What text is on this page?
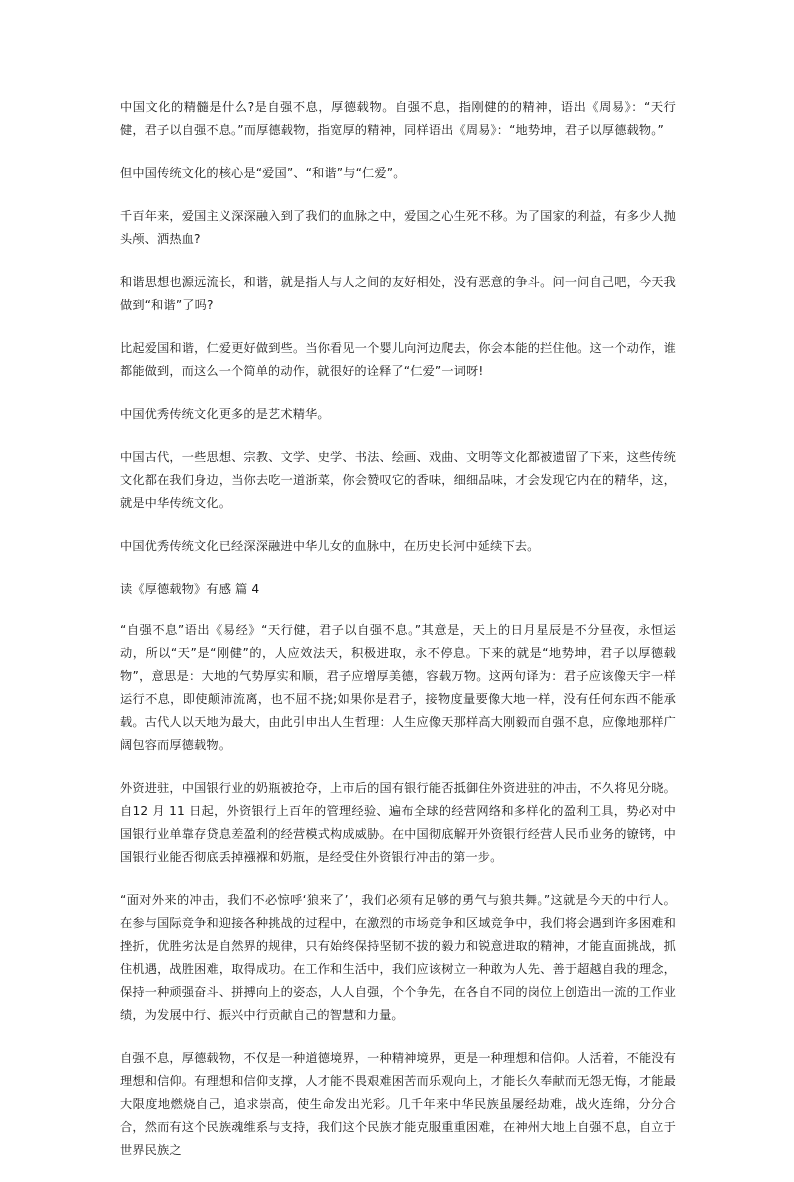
中国文化的精髓是什么?是自强不息，厚德载物。自强不息，指刚健的的精神，语出《周易》：“天行健，君子以自强不息。”而厚德载物，指宽厚的精神，同样语出《周易》：“地势坤，君子以厚德载物。”

但中国传统文化的核心是“爱国”、“和谐”与“仁爱”。

千百年来，爱国主义深深融入到了我们的血脉之中，爱国之心生死不移。为了国家的利益，有多少人抛头颅、洒热血?

和谐思想也源远流长，和谐，就是指人与人之间的友好相处，没有恶意的争斗。问一问自己吧，今天我做到“和谐”了吗?

比起爱国和谐，仁爱更好做到些。当你看见一个婴儿向河边爬去，你会本能的拦住他。这一个动作，谁都能做到，而这么一个简单的动作，就很好的诠释了“仁爱”一词呀!

中国优秀传统文化更多的是艺术精华。

中国古代，一些思想、宗教、文学、史学、书法、绘画、戏曲、文明等文化都被遗留了下来，这些传统文化都在我们身边，当你去吃一道浙菜，你会赞叹它的香味，细细品味，才会发现它内在的精华，这，就是中华传统文化。

中国优秀传统文化已经深深融进中华儿女的血脉中，在历史长河中延续下去。

读《厚德载物》有感 篇 4

“自强不息”语出《易经》“天行健，君子以自强不息。”其意是，天上的日月星辰是不分昼夜，永恒运动，所以“天”是“刚健”的，人应效法天，积极进取，永不停息。下来的就是“地势坤，君子以厚德载物”，意思是：大地的气势厚实和顺，君子应增厚美德，容载万物。这两句译为：君子应该像天宇一样运行不息，即使颠沛流离，也不屈不挠;如果你是君子，接物度量要像大地一样，没有任何东西不能承载。古代人以天地为最大，由此引申出人生哲理：人生应像天那样高大刚毅而自强不息，应像地那样广阔包容而厚德载物。

外资进驻，中国银行业的奶瓶被抢夺，上市后的国有银行能否抵御住外资进驻的冲击，不久将见分晓。自12 月 11 日起，外资银行上百年的管理经验、遍布全球的经营网络和多样化的盈利工具，势必对中国银行业单靠存贷息差盈利的经营模式构成威胁。在中国彻底解开外资银行经营人民币业务的镣铐，中国银行业能否彻底丢掉襁褓和奶瓶，是经受住外资银行冲击的第一步。

“面对外来的冲击，我们不必惊呼‘狼来了’，我们必须有足够的勇气与狼共舞。”这就是今天的中行人。在参与国际竞争和迎接各种挑战的过程中，在激烈的市场竞争和区域竞争中，我们将会遇到许多困难和挫折，优胜劣汰是自然界的规律，只有始终保持坚韧不拔的毅力和锐意进取的精神，才能直面挑战，抓住机遇，战胜困难，取得成功。在工作和生活中，我们应该树立一种敢为人先、善于超越自我的理念，保持一种顽强奋斗、拼搏向上的姿态，人人自强，个个争先，在各自不同的岗位上创造出一流的工作业绩，为发展中行、振兴中行贡献自己的智慧和力量。

自强不息，厚德载物，不仅是一种道德境界，一种精神境界，更是一种理想和信仰。人活着，不能没有理想和信仰。有理想和信仰支撑，人才能不畏艰难困苦而乐观向上，才能长久奉献而无怨无悔，才能最大限度地燃烧自己，追求崇高，使生命发出光彩。几千年来中华民族虽屡经劫难，战火连绵，分分合合，然而有这个民族魂维系与支持，我们这个民族才能克服重重困难，在神州大地上自强不息，自立于世界民族之
